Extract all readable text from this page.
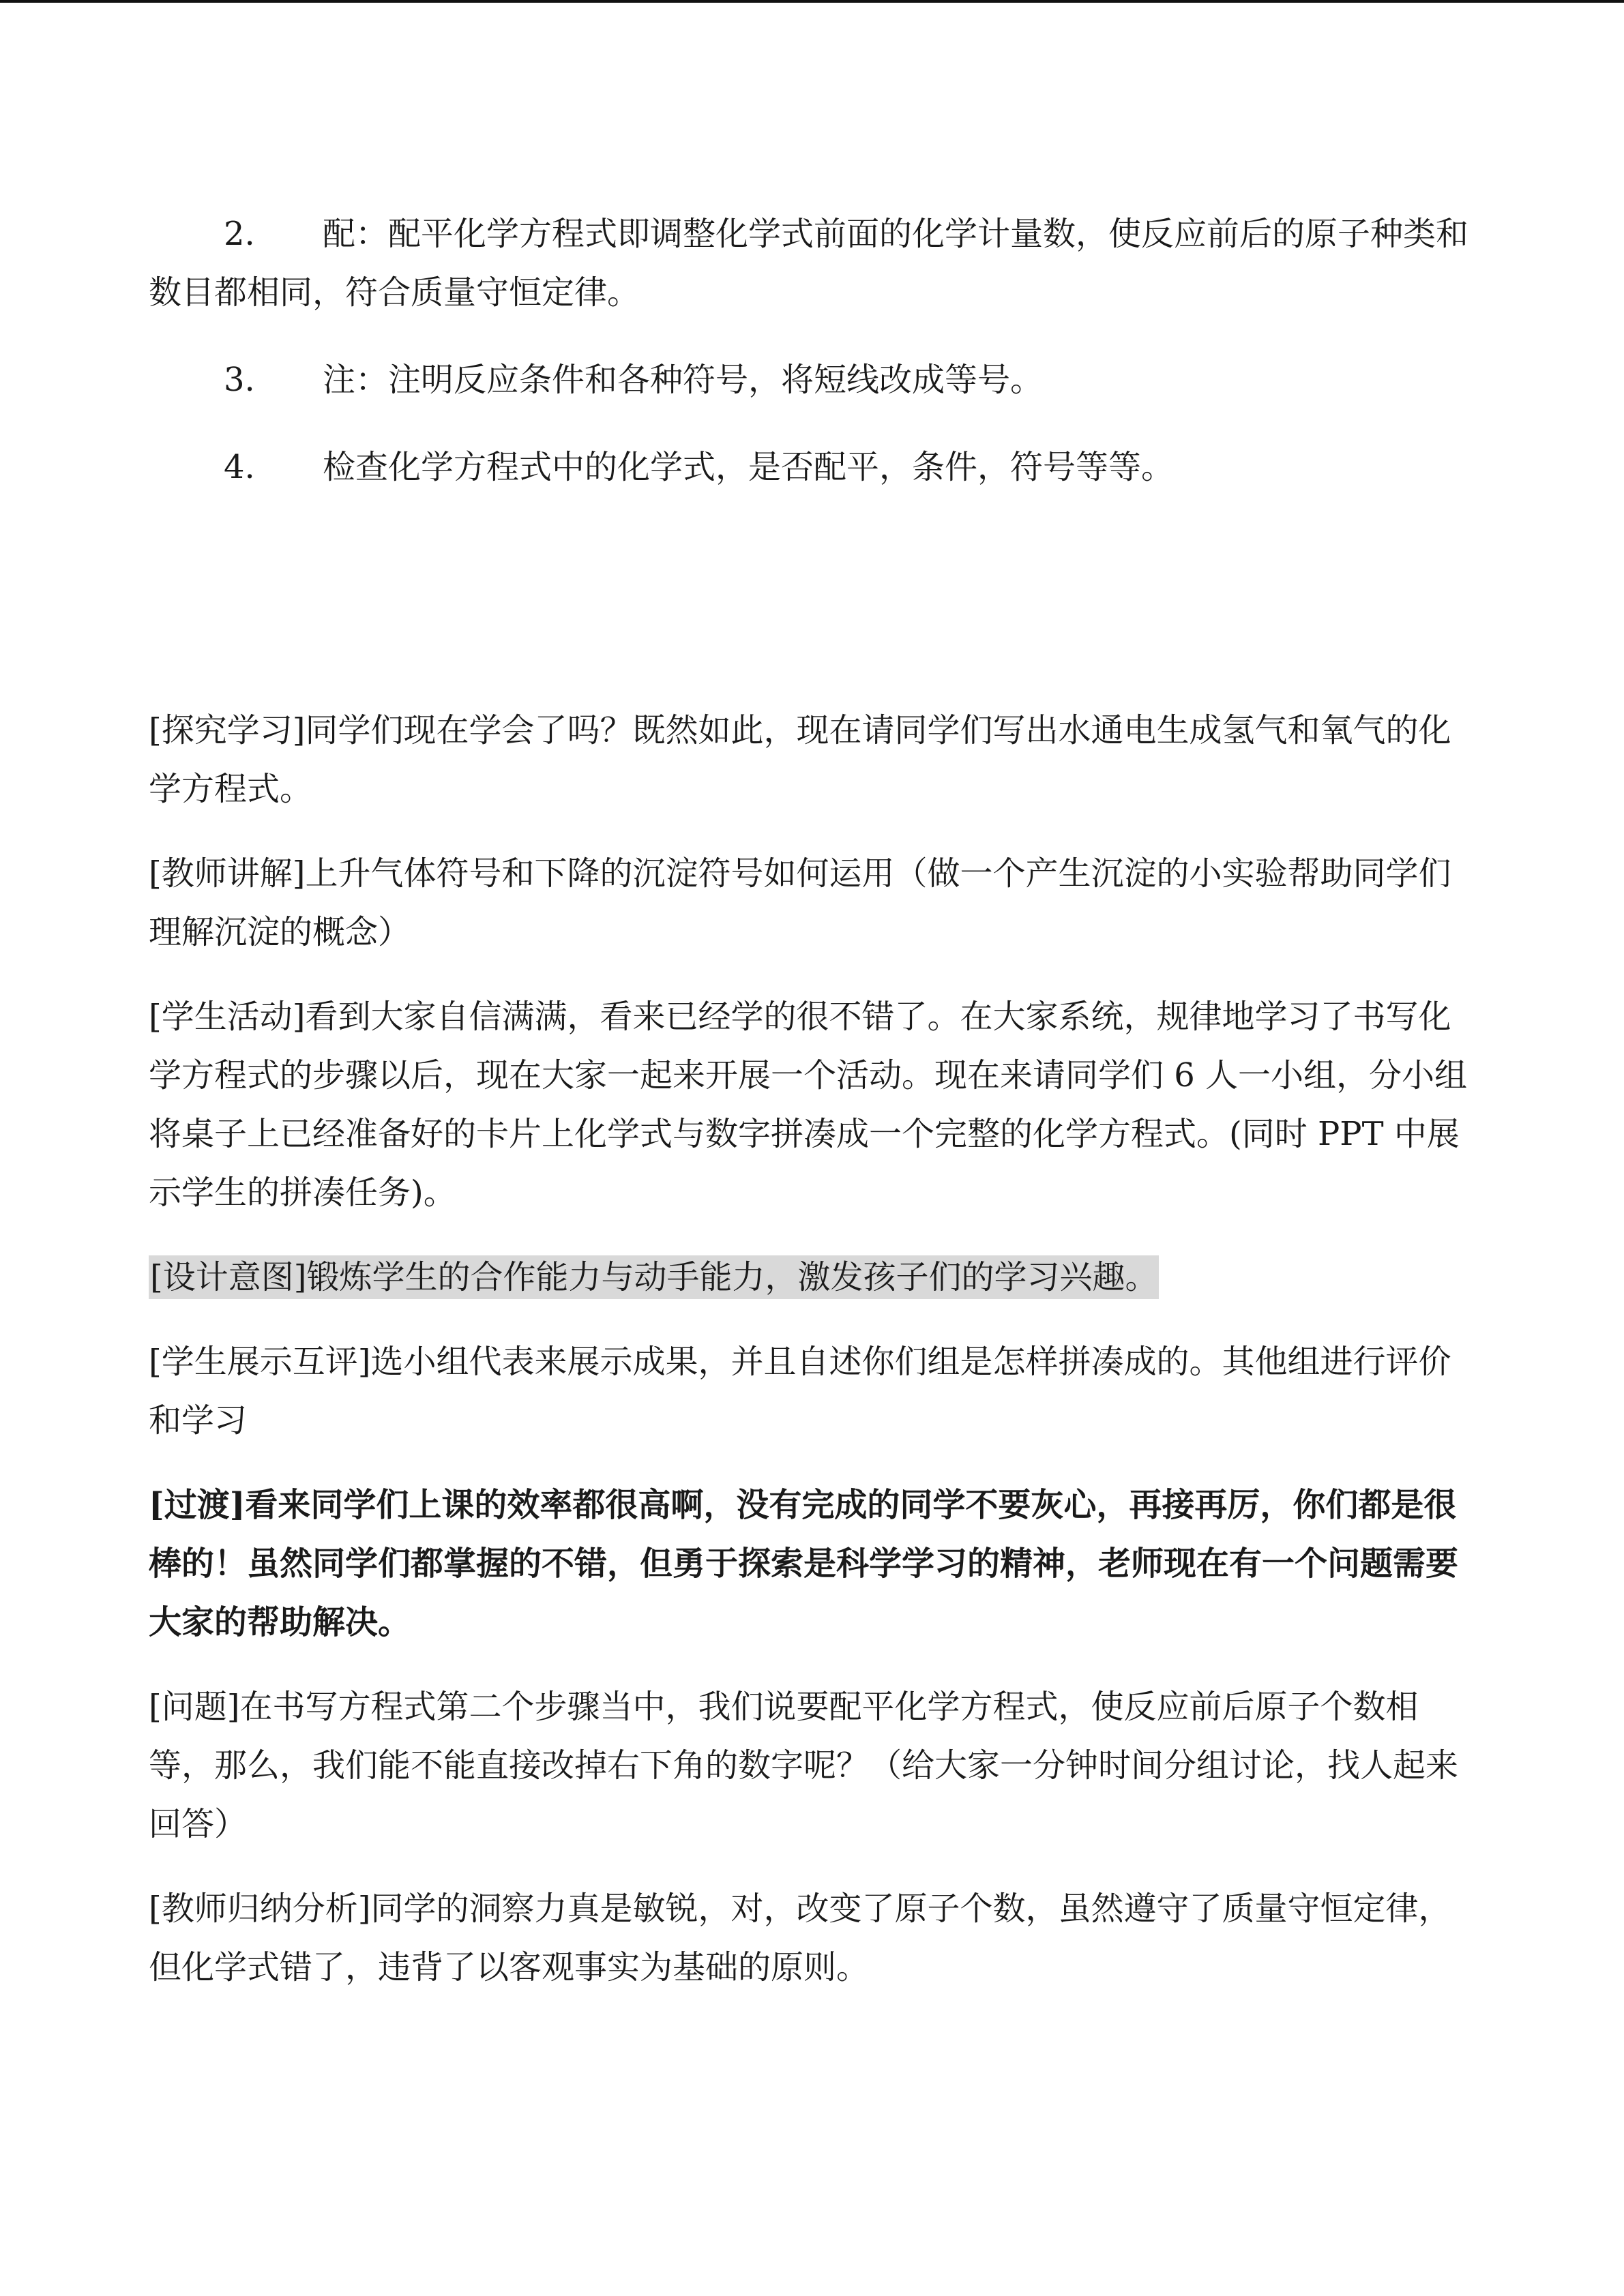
2. 配：配平化学方程式即调整化学式前面的化学计量数，使反应前后的原子种类和数目都相同，符合质量守恒定律。
3. 注：注明反应条件和各种符号，将短线改成等号。
4. 检查化学方程式中的化学式，是否配平，条件，符号等等。

[探究学习]同学们现在学会了吗？既然如此，现在请同学们写出水通电生成氢气和氧气的化学方程式。

[教师讲解]上升气体符号和下降的沉淀符号如何运用（做一个产生沉淀的小实验帮助同学们理解沉淀的概念）

[学生活动]看到大家自信满满，看来已经学的很不错了。在大家系统，规律地学习了书写化学方程式的步骤以后，现在大家一起来开展一个活动。现在来请同学们 6 人一小组，分小组将桌子上已经准备好的卡片上化学式与数字拼凑成一个完整的化学方程式。(同时 PPT 中展示学生的拼凑任务)。

[设计意图]锻炼学生的合作能力与动手能力，激发孩子们的学习兴趣。

[学生展示互评]选小组代表来展示成果，并且自述你们组是怎样拼凑成的。其他组进行评价和学习

[过渡]看来同学们上课的效率都很高啊，没有完成的同学不要灰心，再接再厉，你们都是很棒的！虽然同学们都掌握的不错，但勇于探索是科学学习的精神，老师现在有一个问题需要大家的帮助解决。

[问题]在书写方程式第二个步骤当中，我们说要配平化学方程式，使反应前后原子个数相等，那么，我们能不能直接改掉右下角的数字呢？（给大家一分钟时间分组讨论，找人起来回答）

[教师归纳分析]同学的洞察力真是敏锐，对，改变了原子个数，虽然遵守了质量守恒定律，但化学式错了，违背了以客观事实为基础的原则。
